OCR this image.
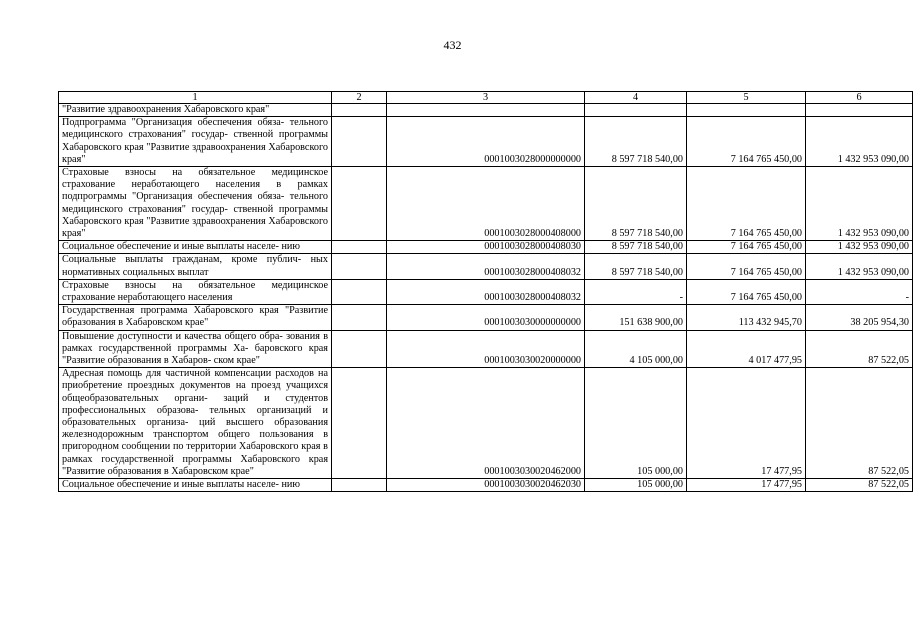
432
1	2	3	4	5	6
"Развитие здравоохранения Хабаровского края"					
Подпрограмма "Организация обеспечения обяза- тельного медицинского страхования" государ- ственной программы Хабаровского края "Развитие здравоохранения Хабаровского края"		0001003028000000000	8 597 718 540,00	7 164 765 450,00	1 432 953 090,00
Страховые взносы на обязательное медицинское страхование неработающего населения в рамках подпрограммы "Организация обеспечения обяза- тельного медицинского страхования" государ- ственной программы Хабаровского края "Развитие здравоохранения Хабаровского края"		0001003028000408000	8 597 718 540,00	7 164 765 450,00	1 432 953 090,00
Социальное обеспечение и иные выплаты населе- нию		0001003028000408030	8 597 718 540,00	7 164 765 450,00	1 432 953 090,00
Социальные выплаты гражданам, кроме публич- ных нормативных социальных выплат		0001003028000408032	8 597 718 540,00	7 164 765 450,00	1 432 953 090,00
Страховые взносы на обязательное медицинское страхование неработающего населения		0001003028000408032	-	7 164 765 450,00	-
Государственная программа Хабаровского края "Развитие образования в Хабаровском крае"		0001003030000000000	151 638 900,00	113 432 945,70	38 205 954,30
Повышение доступности и качества общего обра- зования в рамках государственной программы Ха- баровского края "Развитие образования в Хабаров- ском крае"		0001003030020000000	4 105 000,00	4 017 477,95	87 522,05
Адресная помощь для частичной компенсации расходов на приобретение проездных документов на проезд учащихся общеобразовательных органи- заций и студентов профессиональных образова- тельных организаций и образовательных организа- ций высшего образования железнодорожным транспортом общего пользования в пригородном сообщении по территории Хабаровского края в рамках государственной программы Хабаровского края "Развитие образования в Хабаровском крае"		0001003030020462000	105 000,00	17 477,95	87 522,05
Социальное обеспечение и иные выплаты населе- нию		0001003030020462030	105 000,00	17 477,95	87 522,05
